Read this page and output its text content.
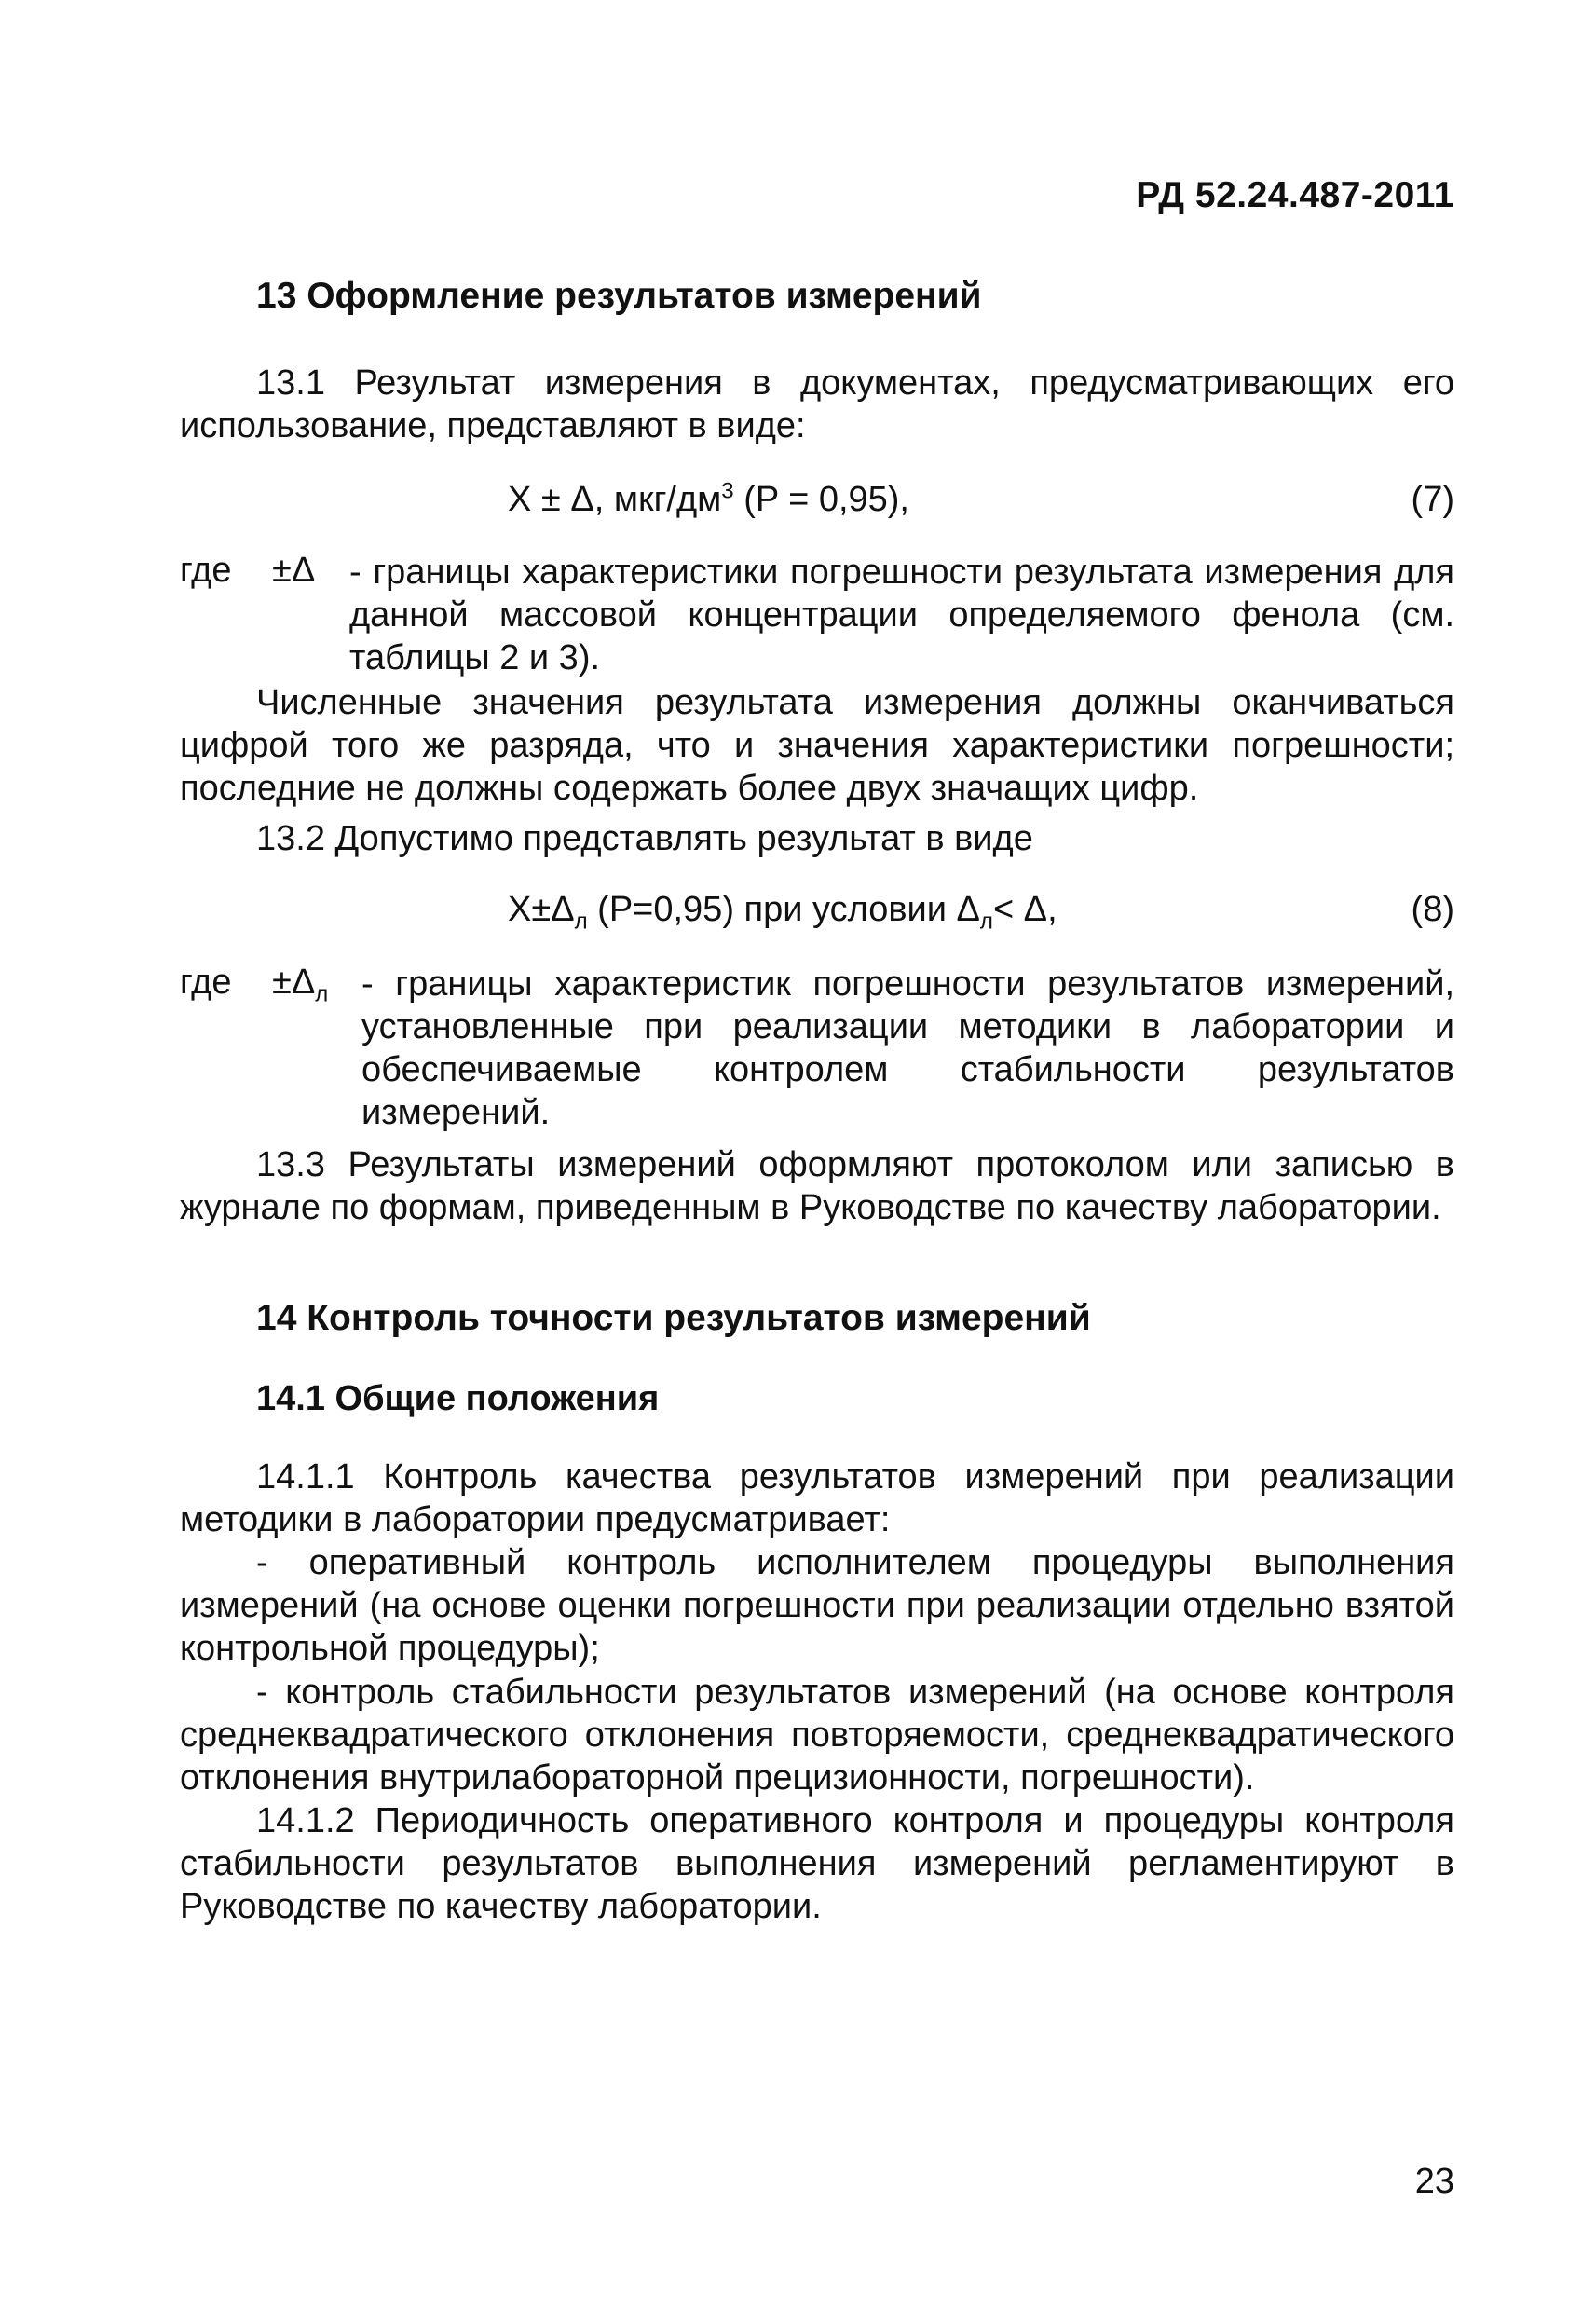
РД 52.24.487-2011
13 Оформление результатов измерений

13.1 Результат измерения в документах, предусматривающих его использование, представляют в виде:

X ± Δ, мкг/$дм^3$ (P = 0,95),	(7)
где ±Δ - границы характеристики погрешности результата измерения для данной массовой концентрации определяемого фенола (см. таблицы 2 и 3).

Численные значения результата измерения должны оканчиваться цифрой того же разряда, что и значения характеристики погрешности; последние не должны содержать более двух значащих цифр.

13.2 Допустимо представлять результат в виде

$X\pm\Delta_л$ (P=0,95) при условии $\Delta_л< \Delta$,	(8)
где $\pm\Delta_л$ - границы характеристик погрешности результатов измерений, установленные при реализации методики в лаборатории и обеспечиваемые контролем стабильности результатов измерений.

13.3 Результаты измерений оформляют протоколом или записью в журнале по формам, приведенным в Руководстве по качеству лаборатории.

14 Контроль точности результатов измерений
14.1 Общие положения

14.1.1 Контроль качества результатов измерений при реализации методики в лаборатории предусматривает:

- оперативный контроль исполнителем процедуры выполнения измерений (на основе оценки погрешности при реализации отдельно взятой контрольной процедуры);

- контроль стабильности результатов измерений (на основе контроля среднеквадратического отклонения повторяемости, среднеквадратического отклонения внутрилабораторной прецизионности, погрешности).

14.1.2 Периодичность оперативного контроля и процедуры контроля стабильности результатов выполнения измерений регламентируют в Руководстве по качеству лаборатории.

23
